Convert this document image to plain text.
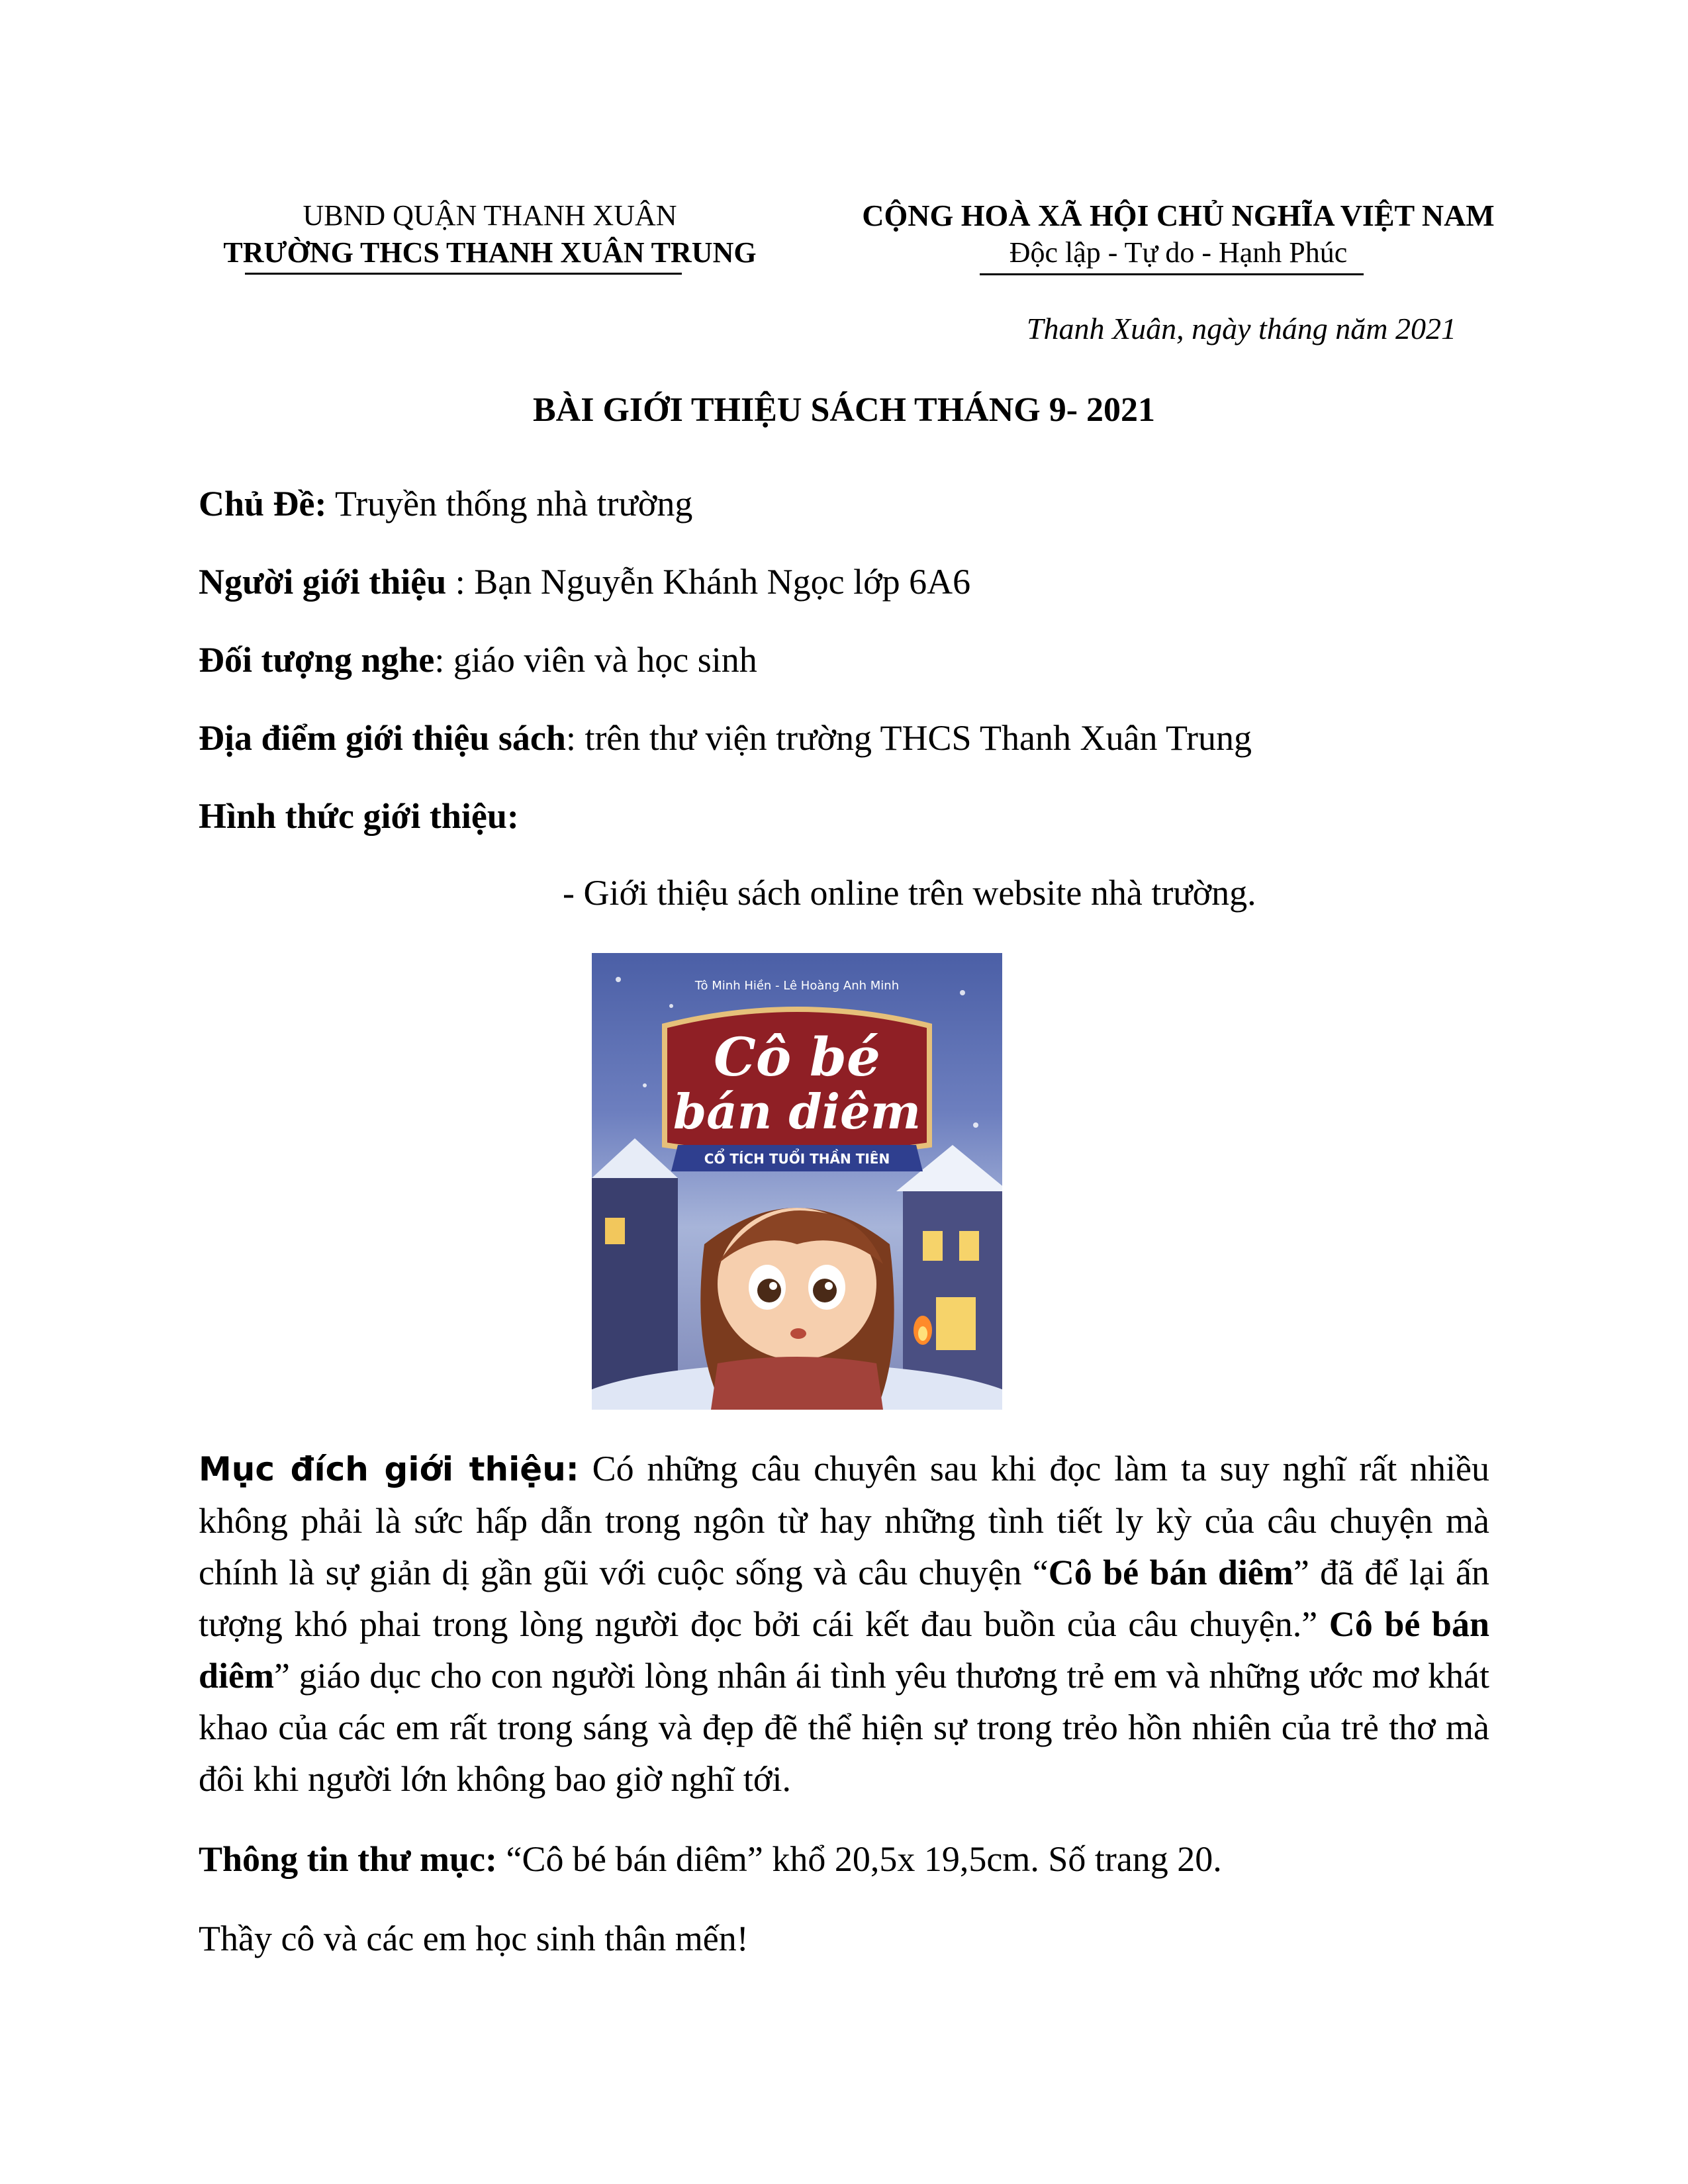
UBND QUẬN THANH XUÂN
TRƯỜNG THCS THANH XUÂN TRUNG
CỘNG HOÀ XÃ HỘI CHỦ NGHĨA VIỆT NAM
Độc lập - Tự do - Hạnh Phúc
Thanh Xuân, ngày tháng năm 2021
BÀI GIỚI THIỆU SÁCH THÁNG 9- 2021
Chủ Đề: Truyền thống nhà trường
Người giới thiệu : Bạn Nguyễn Khánh Ngọc lớp 6A6
Đối tượng nghe: giáo viên và học sinh
Địa điểm giới thiệu sách: trên thư viện trường THCS Thanh Xuân Trung
Hình thức giới thiệu:
- Giới thiệu sách online trên website nhà trường.
Tô Minh Hiền - Lê Hoàng Anh Minh
Cô bé
bán diêm
CỔ TÍCH TUỔI THẦN TIÊN
Mục đích giới thiệu: Có những câu chuyên sau khi đọc làm ta suy nghĩ rất nhiều không phải là sức hấp dẫn trong ngôn từ hay những tình tiết ly kỳ của câu chuyện mà chính là sự giản dị gần gũi với cuộc sống và câu chuyện “Cô bé bán diêm” đã để lại ấn tượng khó phai trong lòng người đọc bởi cái kết đau buồn của câu chuyện.” Cô bé bán diêm” giáo dục cho con người lòng nhân ái tình yêu thương trẻ em và những ước mơ khát khao của các em rất trong sáng và đẹp đẽ thể hiện sự trong trẻo hồn nhiên của trẻ thơ mà đôi khi người lớn không bao giờ nghĩ tới.
Thông tin thư mục: “Cô bé bán diêm” khổ 20,5x 19,5cm. Số trang 20.
Thầy cô và các em học sinh thân mến!
